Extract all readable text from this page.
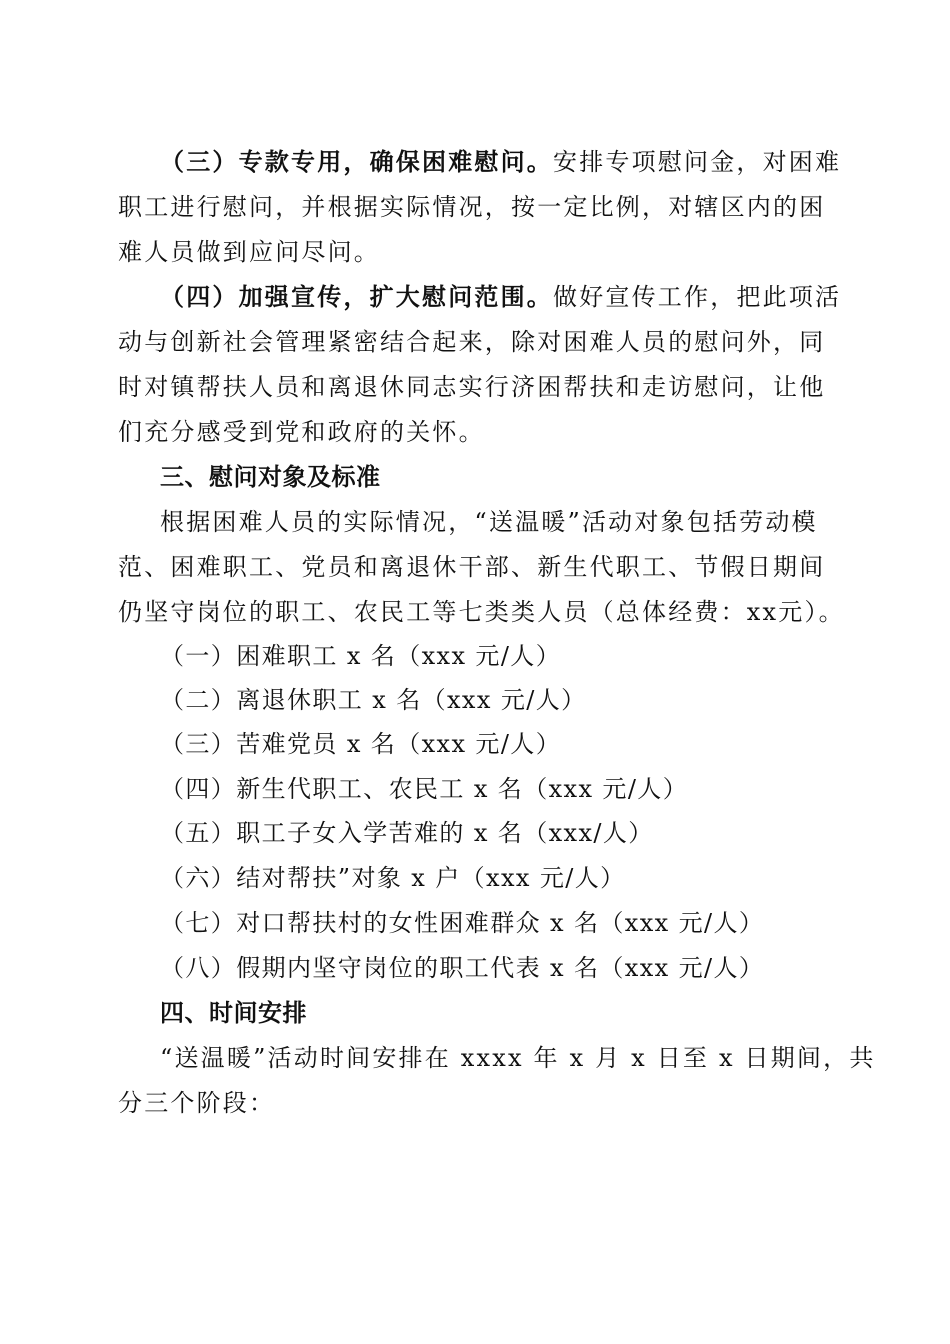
（三）专款专用，确保困难慰问。安排专项慰问金，对困难
职工进行慰问，并根据实际情况，按一定比例，对辖区内的困
难人员做到应问尽问。
（四）加强宣传，扩大慰问范围。做好宣传工作，把此项活
动与创新社会管理紧密结合起来，除对困难人员的慰问外，同
时对镇帮扶人员和离退休同志实行济困帮扶和走访慰问，让他
们充分感受到党和政府的关怀。
三、慰问对象及标准
根据困难人员的实际情况，“送温暖”活动对象包括劳动模
范、困难职工、党员和离退休干部、新生代职工、节假日期间
仍坚守岗位的职工、农民工等七类类人员（总体经费：xx元）。
（一）困难职工 x 名（xxx 元/人）
（二）离退休职工 x 名（xxx 元/人）
（三）苦难党员 x 名（xxx 元/人）
（四）新生代职工、农民工 x 名（xxx 元/人）
（五）职工子女入学苦难的 x 名（xxx/人）
（六）结对帮扶”对象 x 户（xxx 元/人）
（七）对口帮扶村的女性困难群众 x 名（xxx 元/人）
（八）假期内坚守岗位的职工代表 x 名（xxx 元/人）
四、时间安排
“送温暖”活动时间安排在 xxxx 年 x 月 x 日至 x 日期间，共
分三个阶段：
